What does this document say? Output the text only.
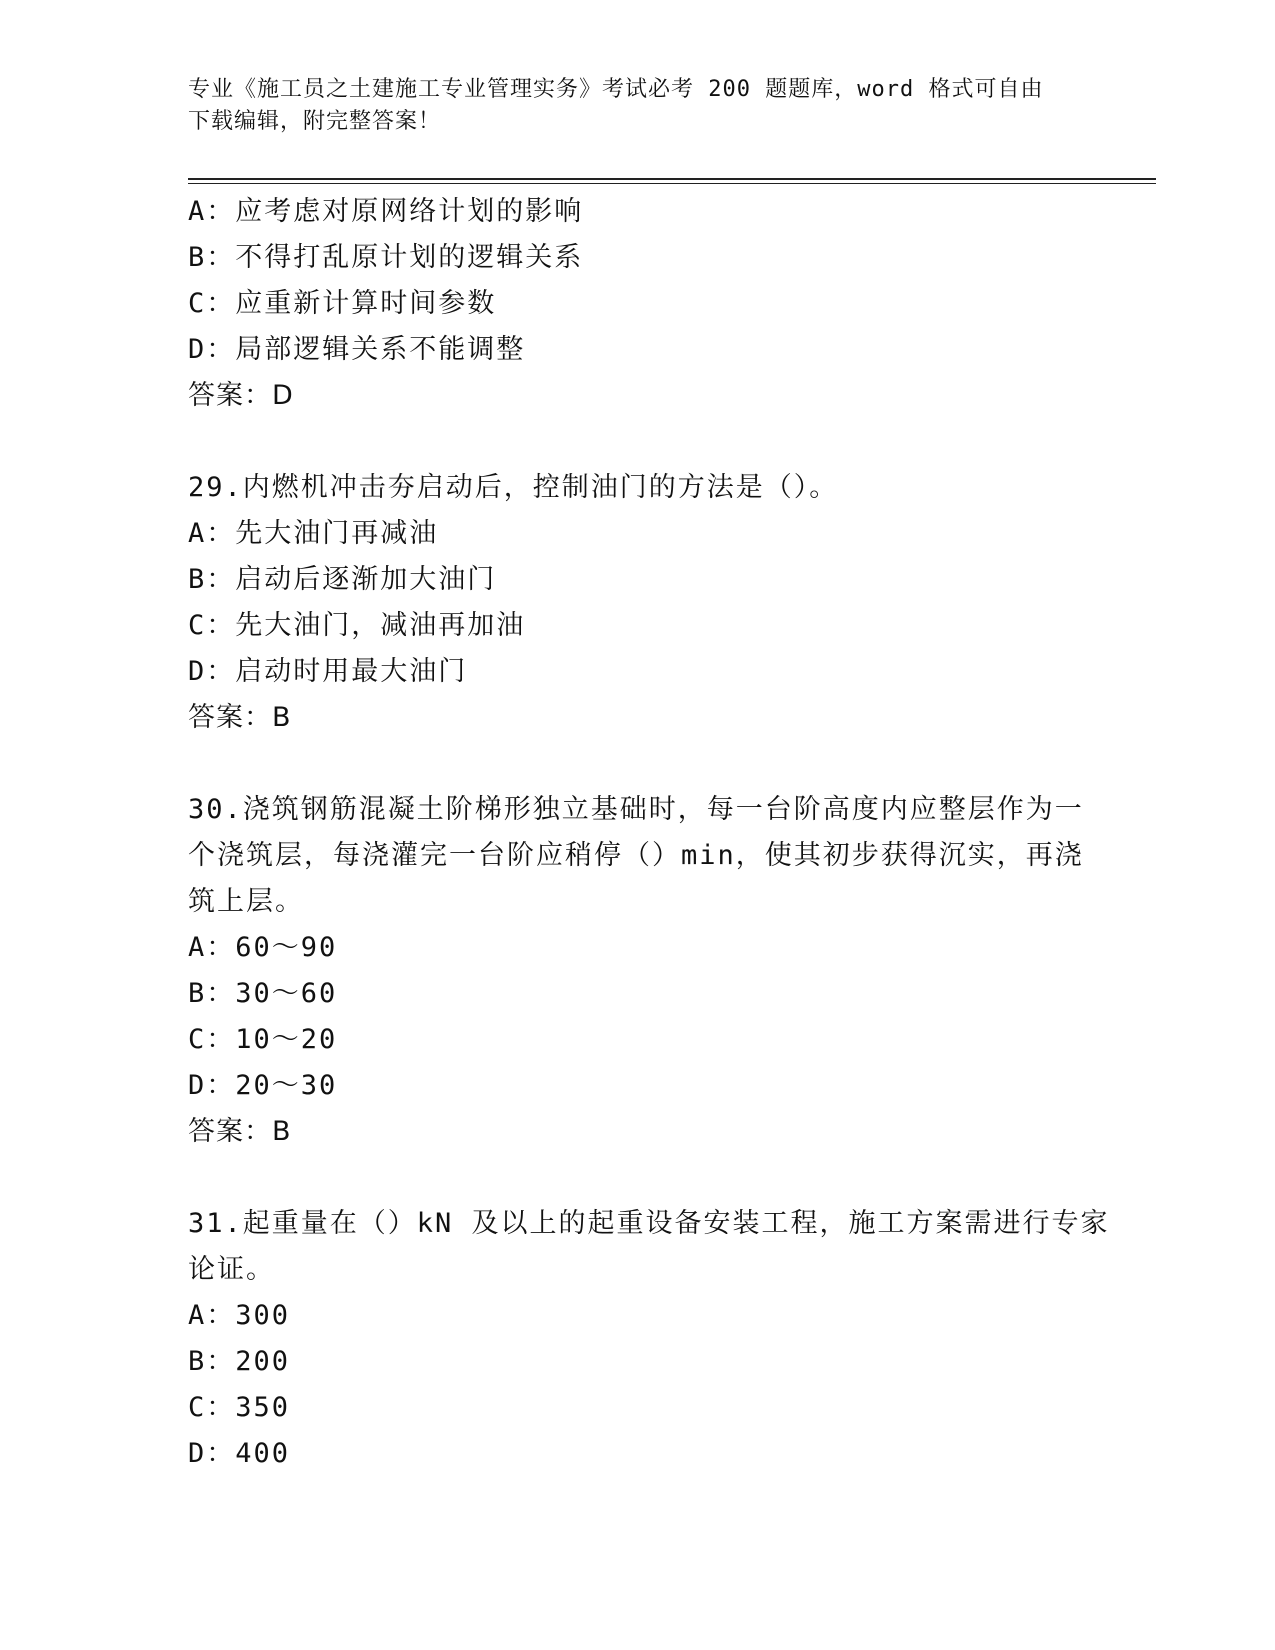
专业《施工员之土建施工专业管理实务》考试必考 200 题题库，word 格式可自由
下载编辑，附完整答案！
A：应考虑对原网络计划的影响
B：不得打乱原计划的逻辑关系
C：应重新计算时间参数
D：局部逻辑关系不能调整
答案：D
29.内燃机冲击夯启动后，控制油门的方法是（）。
A：先大油门再减油
B：启动后逐渐加大油门
C：先大油门，减油再加油
D：启动时用最大油门
答案：B
30.浇筑钢筋混凝土阶梯形独立基础时，每一台阶高度内应整层作为一
个浇筑层，每浇灌完一台阶应稍停（）min，使其初步获得沉实，再浇
筑上层。
A：60～90
B：30～60
C：10～20
D：20～30
答案：B
31.起重量在（）kN 及以上的起重设备安装工程，施工方案需进行专家
论证。
A：300
B：200
C：350
D：400
